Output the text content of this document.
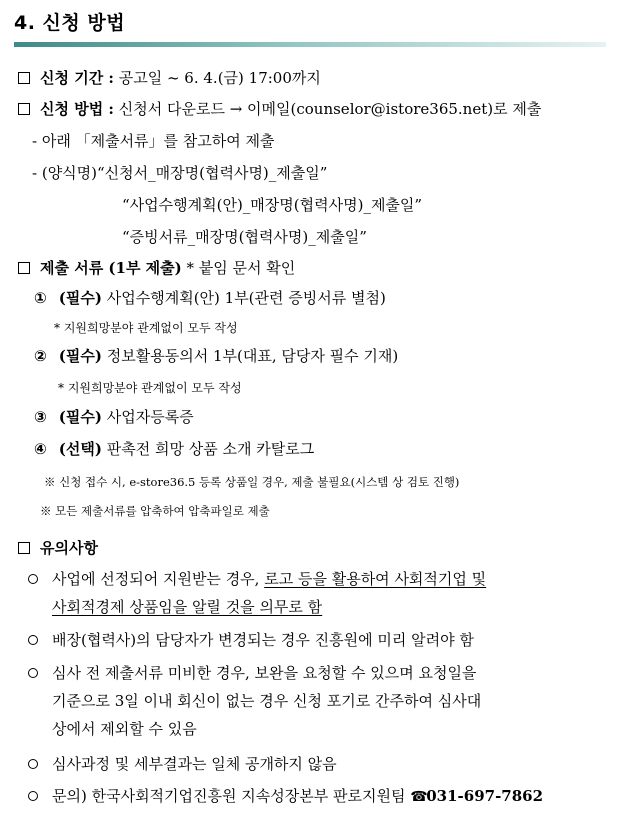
4. 신청 방법
신청 기간 : 공고일 ~ 6. 4.(금) 17:00까지
신청 방법 : 신청서 다운로드 → 이메일(counselor@istore365.net)로 제출
- 아래 「제출서류」를 참고하여 제출
- (양식명)“신청서_매장명(협력사명)_제출일”
“사업수행계획(안)_매장명(협력사명)_제출일”
“증빙서류_매장명(협력사명)_제출일”
제출 서류 (1부 제출) * 붙임 문서 확인
① (필수) 사업수행계획(안) 1부(관련 증빙서류 별첨)
* 지원희망분야 관계없이 모두 작성
② (필수) 정보활용동의서 1부(대표, 담당자 필수 기재)
* 지원희망분야 관계없이 모두 작성
③ (필수) 사업자등록증
④ (선택) 판촉전 희망 상품 소개 카탈로그
※ 신청 접수 시, e-store36.5 등록 상품일 경우, 제출 불필요(시스템 상 검토 진행)
※ 모든 제출서류를 압축하여 압축파일로 제출
유의사항
사업에 선정되어 지원받는 경우, 로고 등을 활용하여 사회적기업 및
사회적경제 상품임을 알릴 것을 의무로 함
배장(협력사)의 담당자가 변경되는 경우 진흥원에 미리 알려야 함
심사 전 제출서류 미비한 경우, 보완을 요청할 수 있으며 요청일을
기준으로 3일 이내 회신이 없는 경우 신청 포기로 간주하여 심사대
상에서 제외할 수 있음
심사과정 및 세부결과는 일체 공개하지 않음
문의) 한국사회적기업진흥원 지속성장본부 판로지원팀 ☎031-697-7862
